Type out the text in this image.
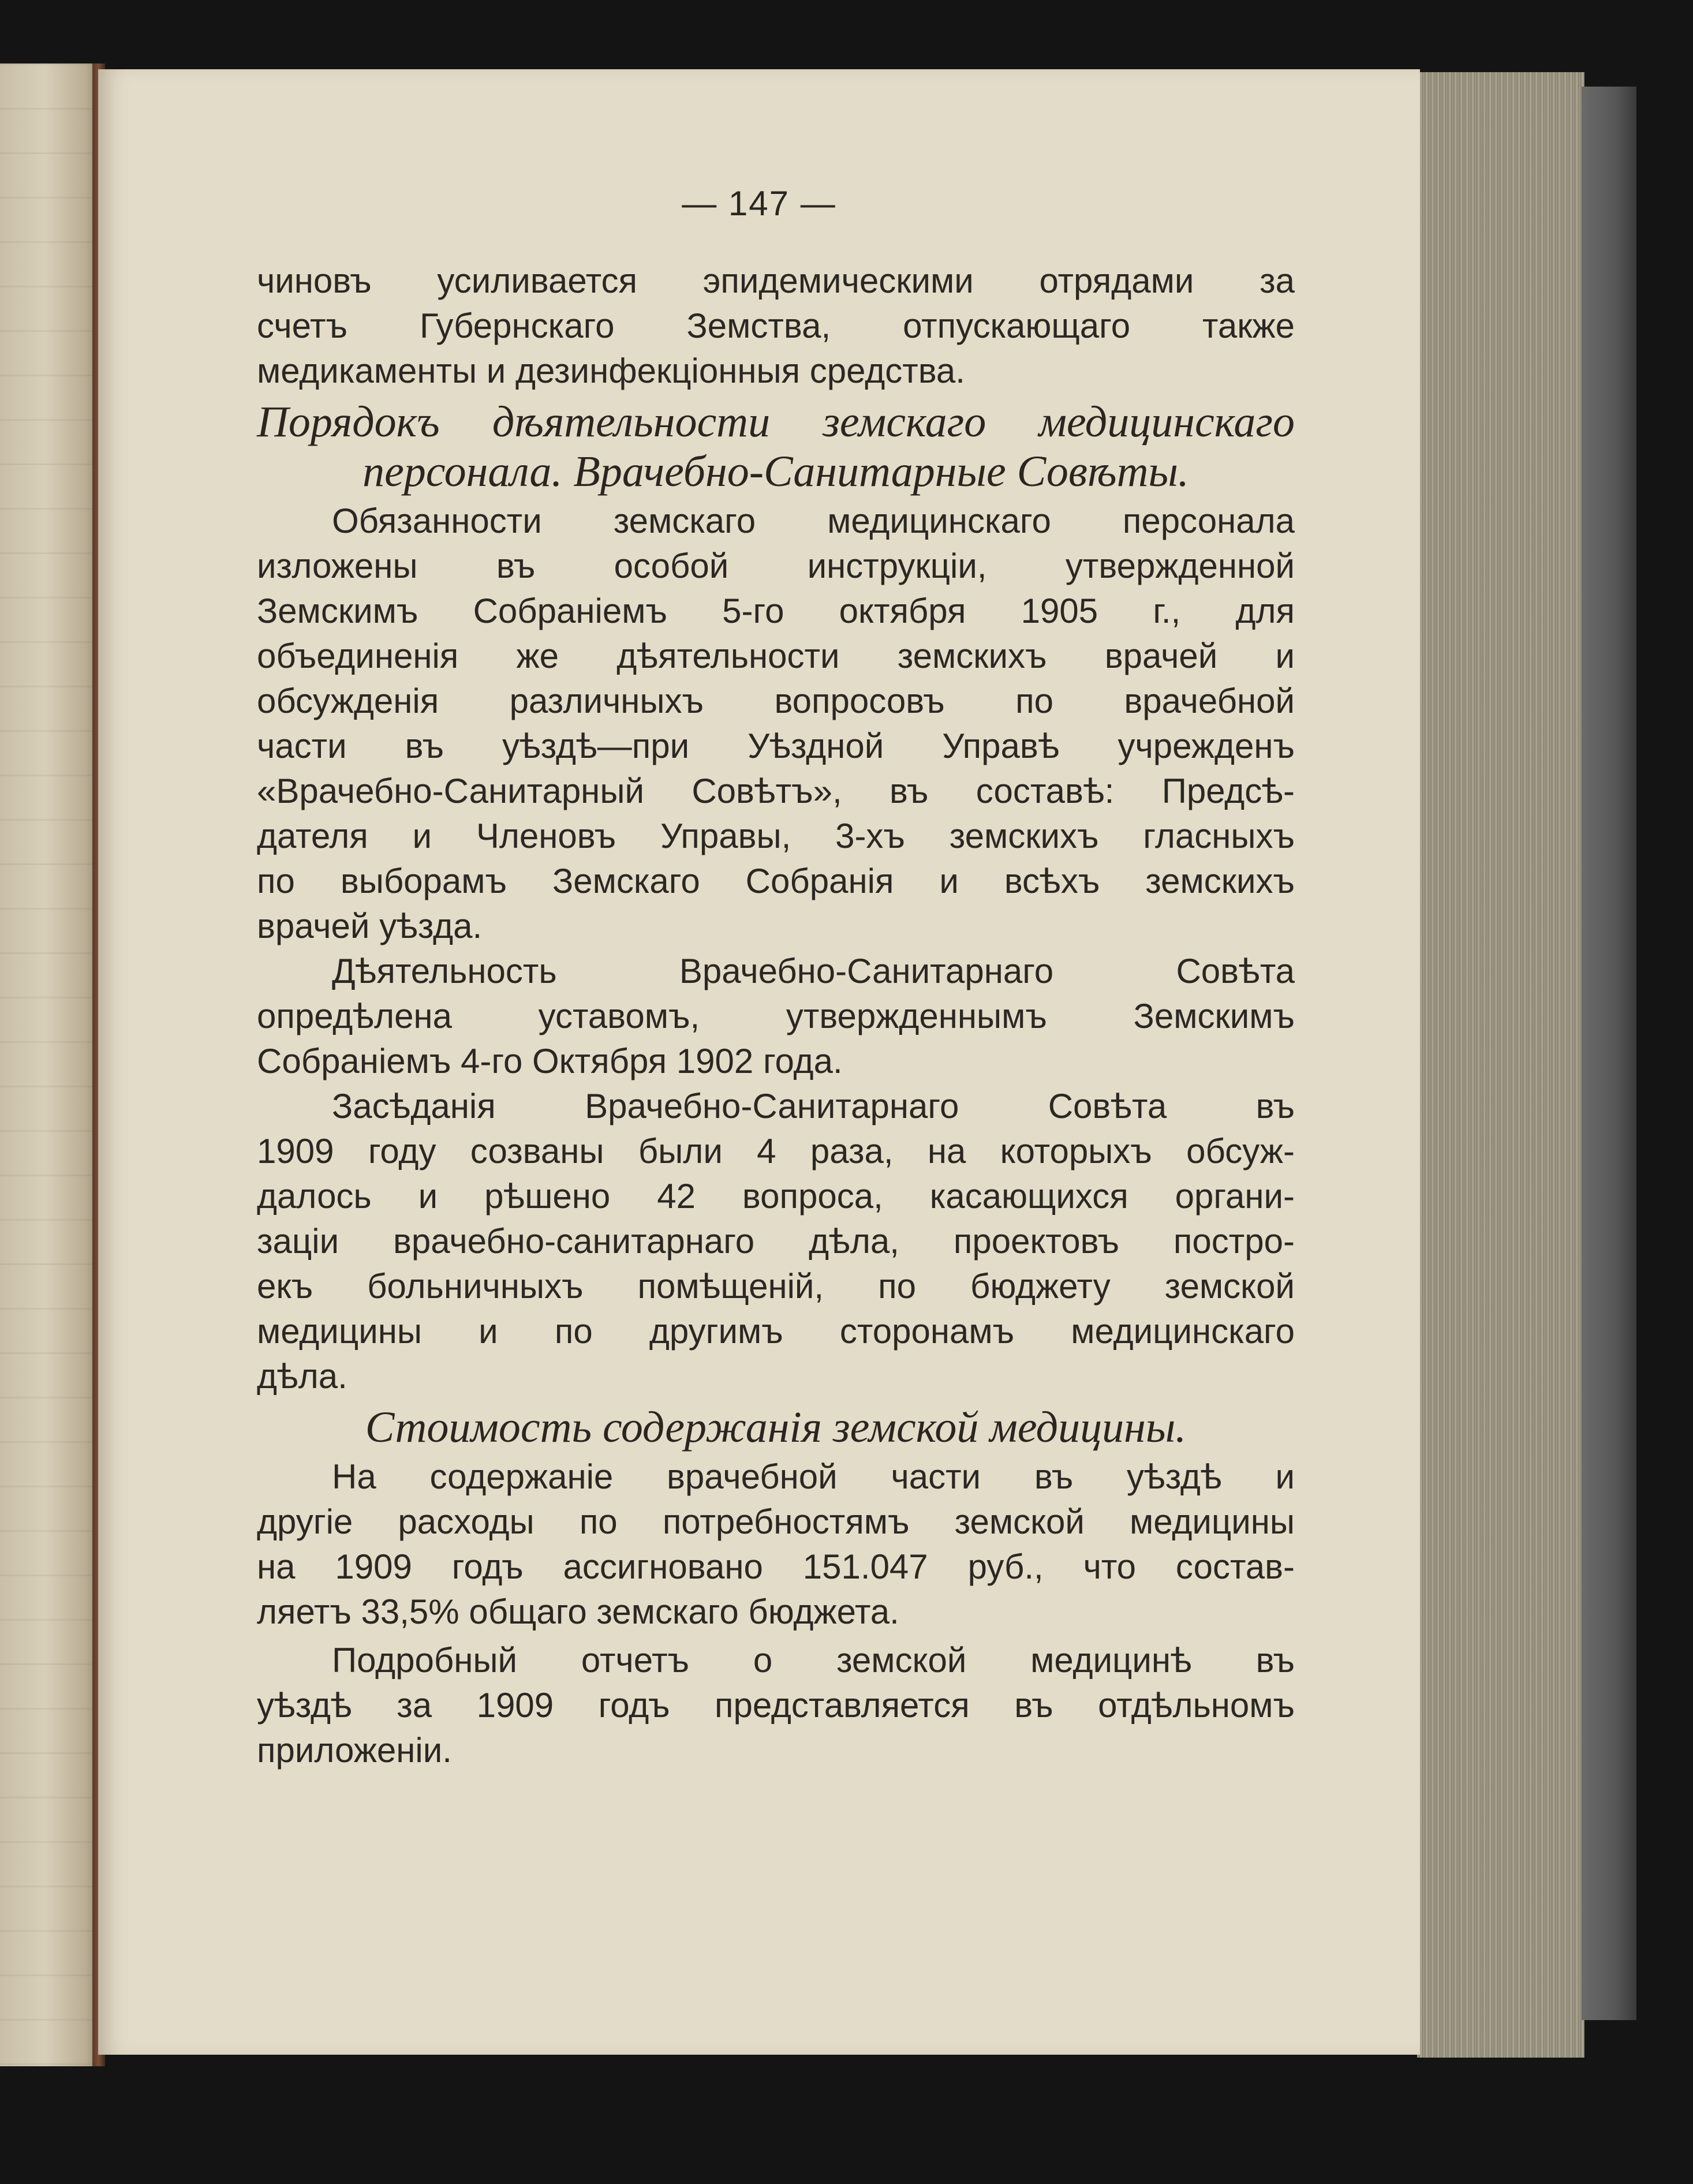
— 147 —

чиновъ усиливается эпидемическими отрядами за
счетъ Губернскаго Земства, отпускающаго также
медикаменты и дезинфекціонныя средства.

Порядокъ дѣятельности земскаго медицинскаго
персонала. Врачебно-Санитарные Совѣты.

Обязанности земскаго медицинскаго персонала
изложены въ особой инструкціи, утвержденной
Земскимъ Собраніемъ 5-го октября 1905 г., для
объединенія же дѣятельности земскихъ врачей и
обсужденія различныхъ вопросовъ по врачебной
части въ уѣздѣ—при Уѣздной Управѣ учрежденъ
«Врачебно-Санитарный Совѣтъ», въ составѣ: Предсѣ-
дателя и Членовъ Управы, 3-хъ земскихъ гласныхъ
по выборамъ Земскаго Собранія и всѣхъ земскихъ
врачей уѣзда.

Дѣятельность Врачебно-Санитарнаго Совѣта
опредѣлена уставомъ, утвержденнымъ Земскимъ
Собраніемъ 4-го Октября 1902 года.

Засѣданія Врачебно-Санитарнаго Совѣта въ
1909 году созваны были 4 раза, на которыхъ обсуж-
далось и рѣшено 42 вопроса, касающихся органи-
заціи врачебно-санитарнаго дѣла, проектовъ постро-
екъ больничныхъ помѣщеній, по бюджету земской
медицины и по другимъ сторонамъ медицинскаго
дѣла.

Стоимость содержанія земской медицины.

На содержаніе врачебной части въ уѣздѣ и
другіе расходы по потребностямъ земской медицины
на 1909 годъ ассигновано 151.047 руб., что состав-
ляетъ 33,5% общаго земскаго бюджета.

Подробный отчетъ о земской медицинѣ въ
уѣздѣ за 1909 годъ представляется въ отдѣльномъ
приложеніи.
